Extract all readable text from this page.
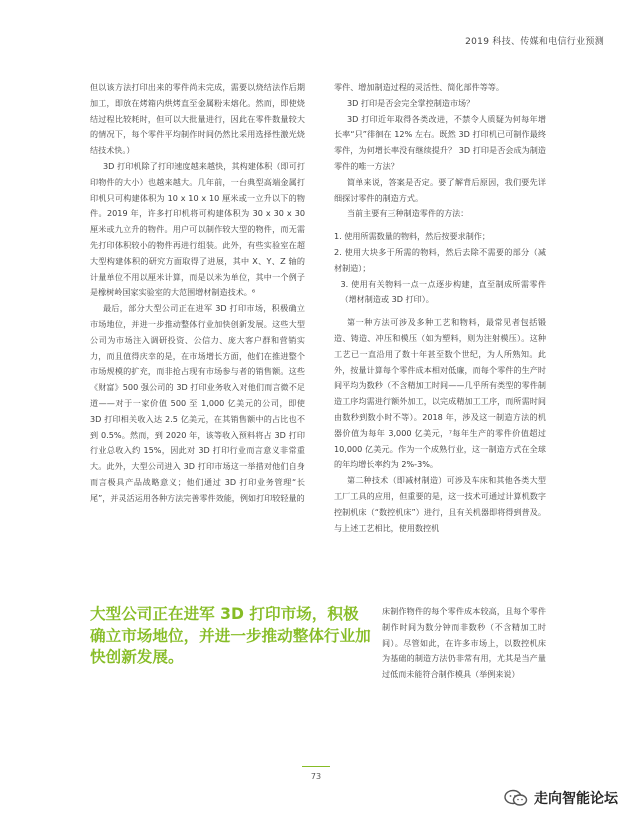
2019 科技、传媒和电信行业预测

但以该方法打印出来的零件尚未完成，需要以烧结法作后期加工，即放在烤箱内烘烤直至金属粉末熔化。然而，即使烧结过程比较耗时，但可以大批量进行，因此在零件数量较大的情况下，每个零件平均制作时间仍然比采用选择性激光烧结技术快。）

3D 打印机除了打印速度越来越快，其构建体积（即可打印物件的大小）也越来越大。几年前，一台典型高端金属打印机只可构建体积为 10 x 10 x 10 厘米或一立升以下的物件。2019 年，许多打印机将可构建体积为 30 x 30 x 30 厘米或九立升的物件。用户可以制作较大型的物件，而无需先打印体积较小的物件再进行组装。此外，有些实验室在超大型构建体积的研究方面取得了进展，其中 X、Y、Z 轴的计量单位不用以厘米计算，而是以米为单位，其中一个例子是橡树岭国家实验室的大范围增材制造技术。⁶

最后，部分大型公司正在进军 3D 打印市场，积极确立市场地位，并进一步推动整体行业加快创新发展。这些大型公司为市场注入调研投资、公信力、庞大客户群和营销实力，而且值得庆幸的是，在市场增长方面，他们在推进整个市场规模的扩充，而非抢占现有市场参与者的销售额。这些《财富》500 强公司的 3D 打印业务收入对他们而言微不足道——对于一家价值 500 至 1,000 亿美元的公司，即使 3D 打印相关收入达 2.5 亿美元，在其销售额中的占比也不到 0.5%。然而，到 2020 年，该等收入预料将占 3D 打印行业总收入约 15%，因此对 3D 打印行业而言意义非常重大。此外，大型公司进入 3D 打印市场这一举措对他们自身而言极具产品战略意义；他们通过 3D 打印业务管理“长尾”，并灵活运用各种方法完善零件效能，例如打印较轻量的

零件、增加制造过程的灵活性、简化部件等等。

3D 打印是否会完全掌控制造市场？

3D 打印近年取得各类改进，不禁令人质疑为何每年增长率“只”徘徊在 12% 左右。既然 3D 打印机已可制作最终零件，为何增长率没有继续提升？ 3D 打印是否会成为制造零件的唯一方法？

简单来说，答案是否定。要了解背后原因，我们要先详细探讨零件的制造方式。

当前主要有三种制造零件的方法：

1. 使用所需数量的物料，然后按要求制作；

2. 使用大块多于所需的物料，然后去除不需要的部分（减材制造）；

3. 使用有关物料一点一点逐步构建，直至制成所需零件（增材制造或 3D 打印）。

第一种方法可涉及多种工艺和物料，最常见者包括锻造、铸造、冲压和模压（如为塑料，则为注射模压）。这种工艺已一直沿用了数十年甚至数个世纪，为人所熟知。此外，按量计算每个零件成本相对低廉，而每个零件的生产时间平均为数秒（不含精加工时间——几乎所有类型的零件制造工序均需进行额外加工，以完成精加工工序，而所需时间由数秒到数小时不等）。2018 年，涉及这一制造方法的机器价值为每年 3,000 亿美元，⁷每年生产的零件价值超过 10,000 亿美元。作为一个成熟行业，这一制造方式在全球的年均增长率约为 2%-3%。

第二种技术（即减材制造）可涉及车床和其他各类大型工厂工具的应用，但重要的是，这一技术可通过计算机数字控制机床（“数控机床”）进行，且有关机器即将得到普及。与上述工艺相比，使用数控机

大型公司正在进军 3D 打印市场，积极确立市场地位，并进一步推动整体行业加快创新发展。

床制作物件的每个零件成本较高，且每个零件制作时间为数分钟而非数秒（不含精加工时间）。尽管如此，在许多市场上，以数控机床为基础的制造方法仍非常有用，尤其是当产量过低而未能符合制作模具（举例来说）

73
走向智能论坛
